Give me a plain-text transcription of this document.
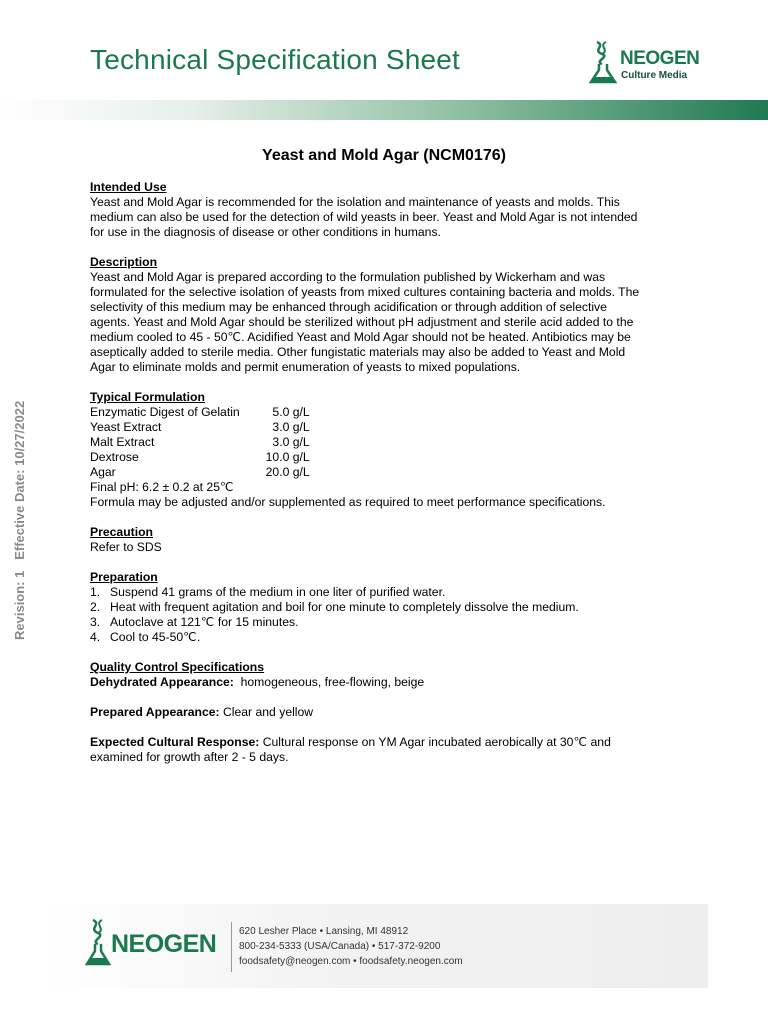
Technical Specification Sheet	NEOGEN
Culture Media
Revision: 1   Effective Date: 10/27/2022
Yeast and Mold Agar (NCM0176)
Intended Use

Yeast and Mold Agar is recommended for the isolation and maintenance of yeasts and molds. This medium can also be used for the detection of wild yeasts in beer. Yeast and Mold Agar is not intended for use in the diagnosis of disease or other conditions in humans.

Description

Yeast and Mold Agar is prepared according to the formulation published by Wickerham and was formulated for the selective isolation of yeasts from mixed cultures containing bacteria and molds. The selectivity of this medium may be enhanced through acidification or through addition of selective agents. Yeast and Mold Agar should be sterilized without pH adjustment and sterile acid added to the medium cooled to 45 - 50℃. Acidified Yeast and Mold Agar should not be heated. Antibiotics may be aseptically added to sterile media. Other fungistatic materials may also be added to Yeast and Mold Agar to eliminate molds and permit enumeration of yeasts to mixed populations.

Typical Formulation
Enzymatic Digest of Gelatin	5.0 g/L
Yeast Extract	3.0 g/L
Malt Extract	3.0 g/L
Dextrose	10.0 g/L
Agar	20.0 g/L

Final pH: 6.2 ± 0.2 at 25℃

Formula may be adjusted and/or supplemented as required to meet performance specifications.

Precaution

Refer to SDS

Preparation
1. Suspend 41 grams of the medium in one liter of purified water.
2. Heat with frequent agitation and boil for one minute to completely dissolve the medium.
3. Autoclave at 121℃ for 15 minutes.
4. Cool to 45-50℃.
Quality Control Specifications
Dehydrated Appearance:  homogeneous, free-flowing, beige
Prepared Appearance: Clear and yellow
Expected Cultural Response: Cultural response on YM Agar incubated aerobically at 30℃ and examined for growth after 2 - 5 days.
NEOGEN 620 Lesher Place • Lansing, MI 48912
800-234-5333 (USA/Canada) • 517-372-9200
foodsafety@neogen.com • foodsafety.neogen.com
